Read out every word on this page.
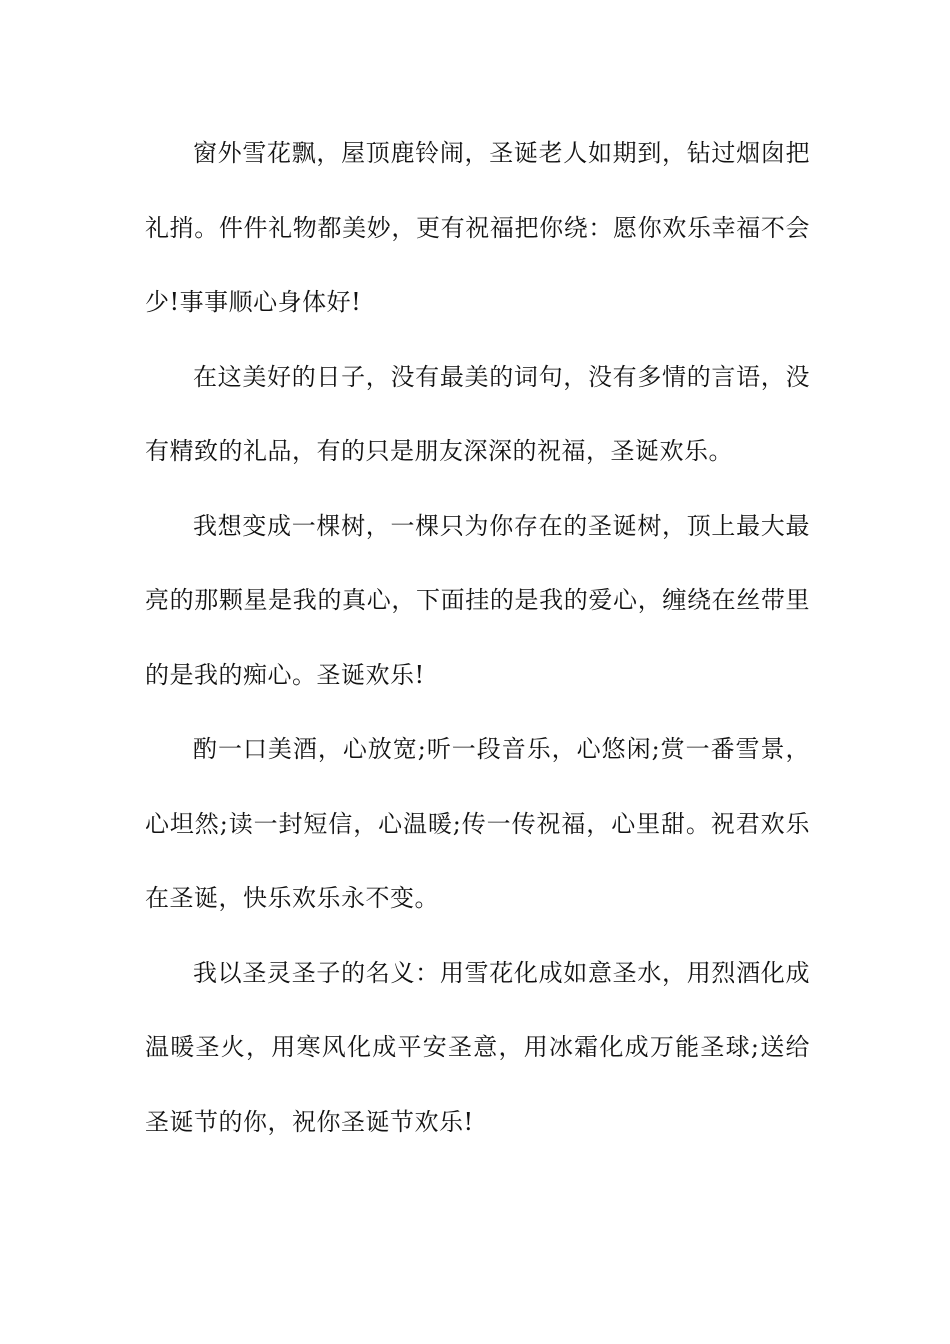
窗外雪花飘，屋顶鹿铃闹，圣诞老人如期到，钻过烟囱把礼捎。件件礼物都美妙，更有祝福把你绕：愿你欢乐幸福不会少!事事顺心身体好!

在这美好的日子，没有最美的词句，没有多情的言语，没有精致的礼品，有的只是朋友深深的祝福，圣诞欢乐。

我想变成一棵树，一棵只为你存在的圣诞树，顶上最大最亮的那颗星是我的真心，下面挂的是我的爱心，缠绕在丝带里的是我的痴心。圣诞欢乐!

酌一口美酒，心放宽;听一段音乐，心悠闲;赏一番雪景，心坦然;读一封短信，心温暖;传一传祝福，心里甜。祝君欢乐在圣诞，快乐欢乐永不变。

我以圣灵圣子的名义：用雪花化成如意圣水，用烈酒化成温暖圣火，用寒风化成平安圣意，用冰霜化成万能圣球;送给圣诞节的你，祝你圣诞节欢乐!
